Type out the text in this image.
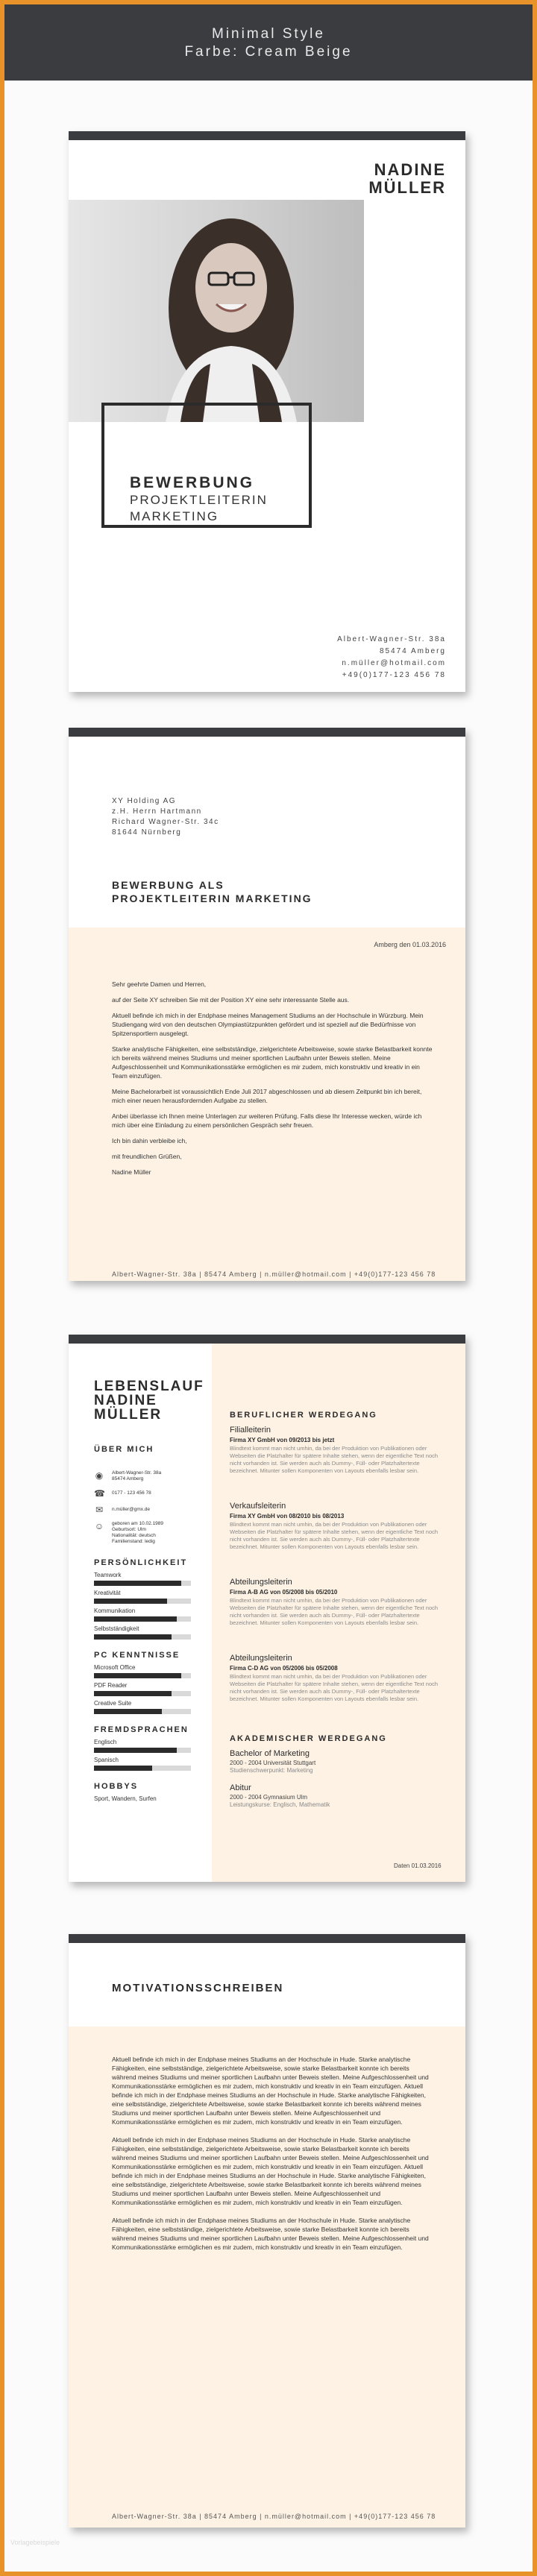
Minimal Style
Farbe: Cream Beige
NADINE
MÜLLER
BEWERBUNG
PROJEKTLEITERIN
MARKETING
Albert-Wagner-Str. 38a
85474 Amberg
n.müller@hotmail.com
+49(0)177-123 456 78
XY Holding AG
z.H. Herrn Hartmann
Richard Wagner-Str. 34c
81644 Nürnberg
BEWERBUNG ALS
PROJEKTLEITERIN MARKETING
Amberg den 01.03.2016

Sehr geehrte Damen und Herren,

auf der Seite XY schreiben Sie mit der Position XY eine sehr interessante Stelle aus.

Aktuell befinde ich mich in der Endphase meines Management Studiums an der Hochschule in Würzburg. Mein Studiengang wird von den deutschen Olympiastützpunkten gefördert und ist speziell auf die Bedürfnisse von Spitzensportlern ausgelegt.

Starke analytische Fähigkeiten, eine selbstständige, zielgerichtete Arbeitsweise, sowie starke Belastbarkeit konnte ich bereits während meines Studiums und meiner sportlichen Laufbahn unter Beweis stellen. Meine Aufgeschlossenheit und Kommunikationsstärke ermöglichen es mir zudem, mich konstruktiv und kreativ in ein Team einzufügen.

Meine Bachelorarbeit ist voraussichtlich Ende Juli 2017 abgeschlossen und ab diesem Zeitpunkt bin ich bereit, mich einer neuen herausfordernden Aufgabe zu stellen.

Anbei überlasse ich Ihnen meine Unterlagen zur weiteren Prüfung. Falls diese Ihr Interesse wecken, würde ich mich über eine Einladung zu einem persönlichen Gespräch sehr freuen.

Ich bin dahin verbleibe ich,

mit freundlichen Grüßen,

Nadine Müller

Albert-Wagner-Str. 38a | 85474 Amberg | n.müller@hotmail.com | +49(0)177-123 456 78
LEBENSLAUF
NADINE
MÜLLER
ÜBER MICH
◉ Albert-Wagner-Str. 38a
85474 Amberg
☎ 0177 - 123 456 78
✉	n.müller@gmx.de
☺ geboren am 10.02.1989
Geburtsort: Ulm
Nationalität: deutsch
Familienstand: ledig
PERSÖNLICHKEIT
Teamwork
Kreativität
Kommunikation
Selbstständigkeit
PC KENNTNISSE
Microsoft Office
PDF Reader
Creative Suite
FREMDSPRACHEN
Englisch
Spanisch
HOBBYS
Sport, Wandern, Surfen
BERUFLICHER WERDEGANG
Filialleiterin
Firma XY GmbH von 09/2013 bis jetzt
Blindtext kommt man nicht umhin, da bei der Produktion von Publikationen oder Webseiten die Platzhalter für spätere Inhalte stehen, wenn der eigentliche Text noch nicht vorhanden ist. Sie werden auch als Dummy-, Füll- oder Platzhaltertexte bezeichnet. Mitunter sollen Komponenten von Layouts ebenfalls lesbar sein.
Verkaufsleiterin
Firma XY GmbH von 08/2010 bis 08/2013
Blindtext kommt man nicht umhin, da bei der Produktion von Publikationen oder Webseiten die Platzhalter für spätere Inhalte stehen, wenn der eigentliche Text noch nicht vorhanden ist. Sie werden auch als Dummy-, Füll- oder Platzhaltertexte bezeichnet. Mitunter sollen Komponenten von Layouts ebenfalls lesbar sein.
Abteilungsleiterin
Firma A-B AG von 05/2008 bis 05/2010
Blindtext kommt man nicht umhin, da bei der Produktion von Publikationen oder Webseiten die Platzhalter für spätere Inhalte stehen, wenn der eigentliche Text noch nicht vorhanden ist. Sie werden auch als Dummy-, Füll- oder Platzhaltertexte bezeichnet. Mitunter sollen Komponenten von Layouts ebenfalls lesbar sein.
Abteilungsleiterin
Firma C-D AG von 05/2006 bis 05/2008
Blindtext kommt man nicht umhin, da bei der Produktion von Publikationen oder Webseiten die Platzhalter für spätere Inhalte stehen, wenn der eigentliche Text noch nicht vorhanden ist. Sie werden auch als Dummy-, Füll- oder Platzhaltertexte bezeichnet. Mitunter sollen Komponenten von Layouts ebenfalls lesbar sein.
AKADEMISCHER WERDEGANG
Bachelor of Marketing
2000 - 2004 Universität Stuttgart
Studienschwerpunkt: Marketing
Abitur
2000 - 2004 Gymnasium Ulm
Leistungskurse: Englisch, Mathematik
Daten 01.03.2016
MOTIVATIONSSCHREIBEN

Aktuell befinde ich mich in der Endphase meines Studiums an der Hochschule in Hude. Starke analytische Fähigkeiten, eine selbstständige, zielgerichtete Arbeitsweise, sowie starke Belastbarkeit konnte ich bereits während meines Studiums und meiner sportlichen Laufbahn unter Beweis stellen. Meine Aufgeschlossenheit und Kommunikationsstärke ermöglichen es mir zudem, mich konstruktiv und kreativ in ein Team einzufügen. Aktuell befinde ich mich in der Endphase meines Studiums an der Hochschule in Hude. Starke analytische Fähigkeiten, eine selbstständige, zielgerichtete Arbeitsweise, sowie starke Belastbarkeit konnte ich bereits während meines Studiums und meiner sportlichen Laufbahn unter Beweis stellen. Meine Aufgeschlossenheit und Kommunikationsstärke ermöglichen es mir zudem, mich konstruktiv und kreativ in ein Team einzufügen.

Aktuell befinde ich mich in der Endphase meines Studiums an der Hochschule in Hude. Starke analytische Fähigkeiten, eine selbstständige, zielgerichtete Arbeitsweise, sowie starke Belastbarkeit konnte ich bereits während meines Studiums und meiner sportlichen Laufbahn unter Beweis stellen. Meine Aufgeschlossenheit und Kommunikationsstärke ermöglichen es mir zudem, mich konstruktiv und kreativ in ein Team einzufügen. Aktuell befinde ich mich in der Endphase meines Studiums an der Hochschule in Hude. Starke analytische Fähigkeiten, eine selbstständige, zielgerichtete Arbeitsweise, sowie starke Belastbarkeit konnte ich bereits während meines Studiums und meiner sportlichen Laufbahn unter Beweis stellen. Meine Aufgeschlossenheit und Kommunikationsstärke ermöglichen es mir zudem, mich konstruktiv und kreativ in ein Team einzufügen.

Aktuell befinde ich mich in der Endphase meines Studiums an der Hochschule in Hude. Starke analytische Fähigkeiten, eine selbstständige, zielgerichtete Arbeitsweise, sowie starke Belastbarkeit konnte ich bereits während meines Studiums und meiner sportlichen Laufbahn unter Beweis stellen. Meine Aufgeschlossenheit und Kommunikationsstärke ermöglichen es mir zudem, mich konstruktiv und kreativ in ein Team einzufügen.

Albert-Wagner-Str. 38a | 85474 Amberg | n.müller@hotmail.com | +49(0)177-123 456 78
Vorlagebeispiele
